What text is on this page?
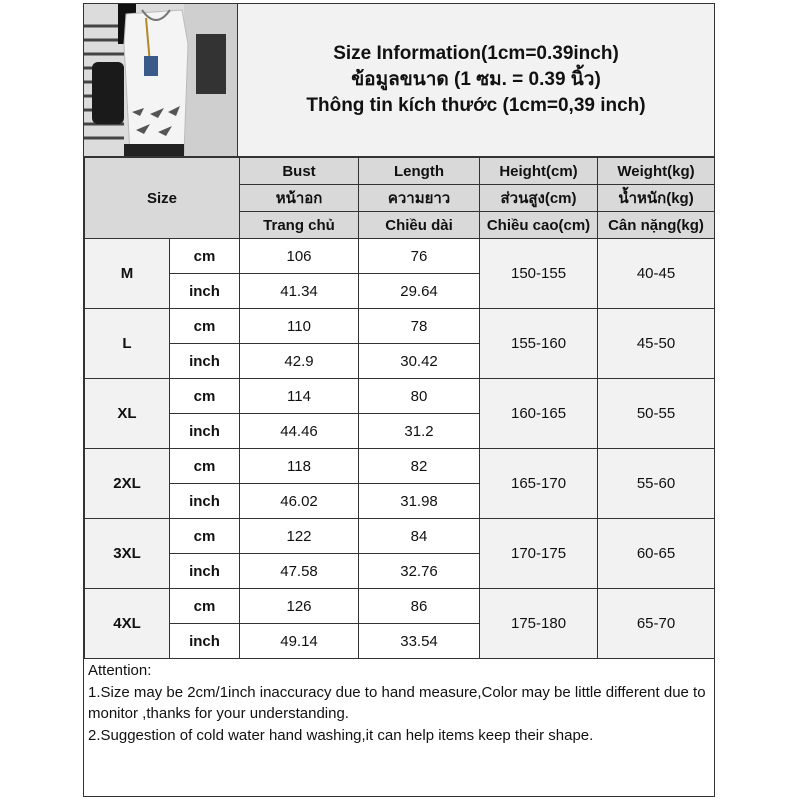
Size Information(1cm=0.39inch)
ข้อมูลขนาด (1 ซม. = 0.39 นิ้ว)
Thông tin kích thước (1cm=0,39 inch)
Size		Bust	Length	Height(cm)	Weight(kg)
		หน้าอก	ความยาว	ส่วนสูง(cm)	น้ำหนัก(kg)
		Trang chủ	Chiều dài	Chiều cao(cm)	Cân nặng(kg)
M	cm	106	76	150-155	40-45
	inch	41.34	29.64		
L	cm	110	78	155-160	45-50
	inch	42.9	30.42		
XL	cm	114	80	160-165	50-55
	inch	44.46	31.2		
2XL	cm	118	82	165-170	55-60
	inch	46.02	31.98		
3XL	cm	122	84	170-175	60-65
	inch	47.58	32.76		
4XL	cm	126	86	175-180	65-70
	inch	49.14	33.54		

Attention:

1.Size may be 2cm/1inch inaccuracy due to hand measure,Color may be little different due to monitor ,thanks for your understanding.

2.Suggestion of cold water hand washing,it can help items keep their shape.
